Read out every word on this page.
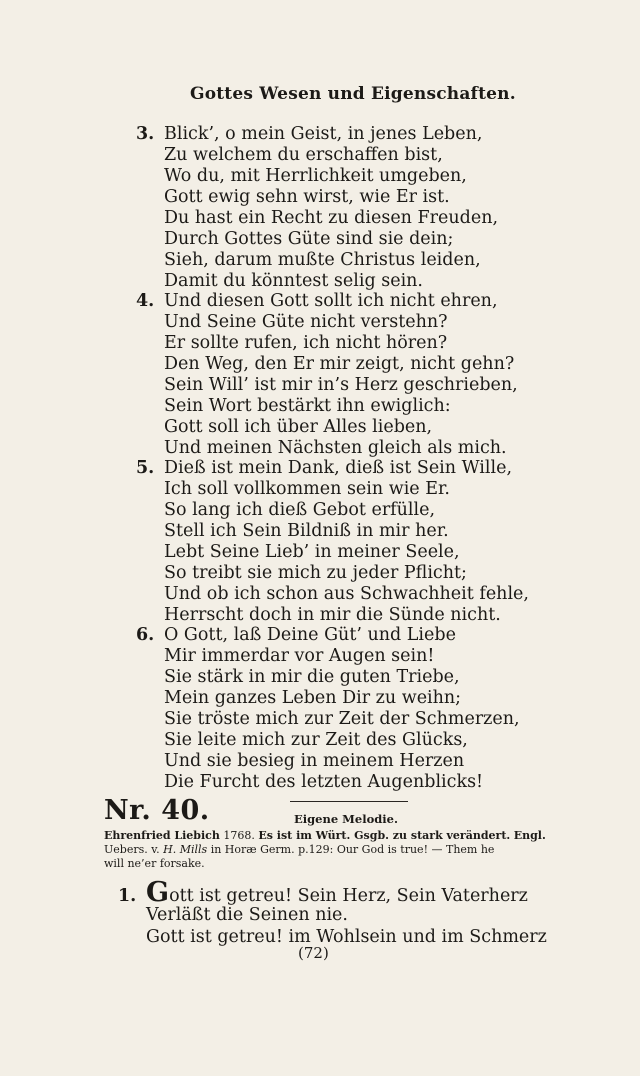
Gottes Wesen und Eigenschaften.
3. Blick’, o mein Geist, in jenes Leben,
Zu welchem du erschaffen bist,
Wo du, mit Herrlichkeit umgeben,
Gott ewig sehn wirst, wie Er ist.
Du hast ein Recht zu diesen Freuden,
Durch Gottes Güte sind sie dein;
Sieh, darum mußte Christus leiden,
Damit du könntest selig sein.
4. Und diesen Gott sollt ich nicht ehren,
Und Seine Güte nicht verstehn?
Er sollte rufen, ich nicht hören?
Den Weg, den Er mir zeigt, nicht gehn?
Sein Will’ ist mir in’s Herz geschrieben,
Sein Wort bestärkt ihn ewiglich:
Gott soll ich über Alles lieben,
Und meinen Nächsten gleich als mich.
5. Dieß ist mein Dank, dieß ist Sein Wille,
Ich soll vollkommen sein wie Er.
So lang ich dieß Gebot erfülle,
Stell ich Sein Bildniß in mir her.
Lebt Seine Lieb’ in meiner Seele,
So treibt sie mich zu jeder Pflicht;
Und ob ich schon aus Schwachheit fehle,
Herrscht doch in mir die Sünde nicht.
6. O Gott, laß Deine Güt’ und Liebe
Mir immerdar vor Augen sein!
Sie stärk in mir die guten Triebe,
Mein ganzes Leben Dir zu weihn;
Sie tröste mich zur Zeit der Schmerzen,
Sie leite mich zur Zeit des Glücks,
Und sie besieg in meinem Herzen
Die Furcht des letzten Augenblicks!
Nr. 40.	Eigene Melodie.
Ehrenfried Liebich 1768. Es ist im Würt. Gsgb. zu stark verändert. Engl.
Uebers. v. H. Mills in Horæ Germ. p.129: Our God is true! — Them he
will ne’er forsake.
1. Gott ist getreu! Sein Herz, Sein Vaterherz
Verläßt die Seinen nie.
Gott ist getreu! im Wohlsein und im Schmerz
(72)
